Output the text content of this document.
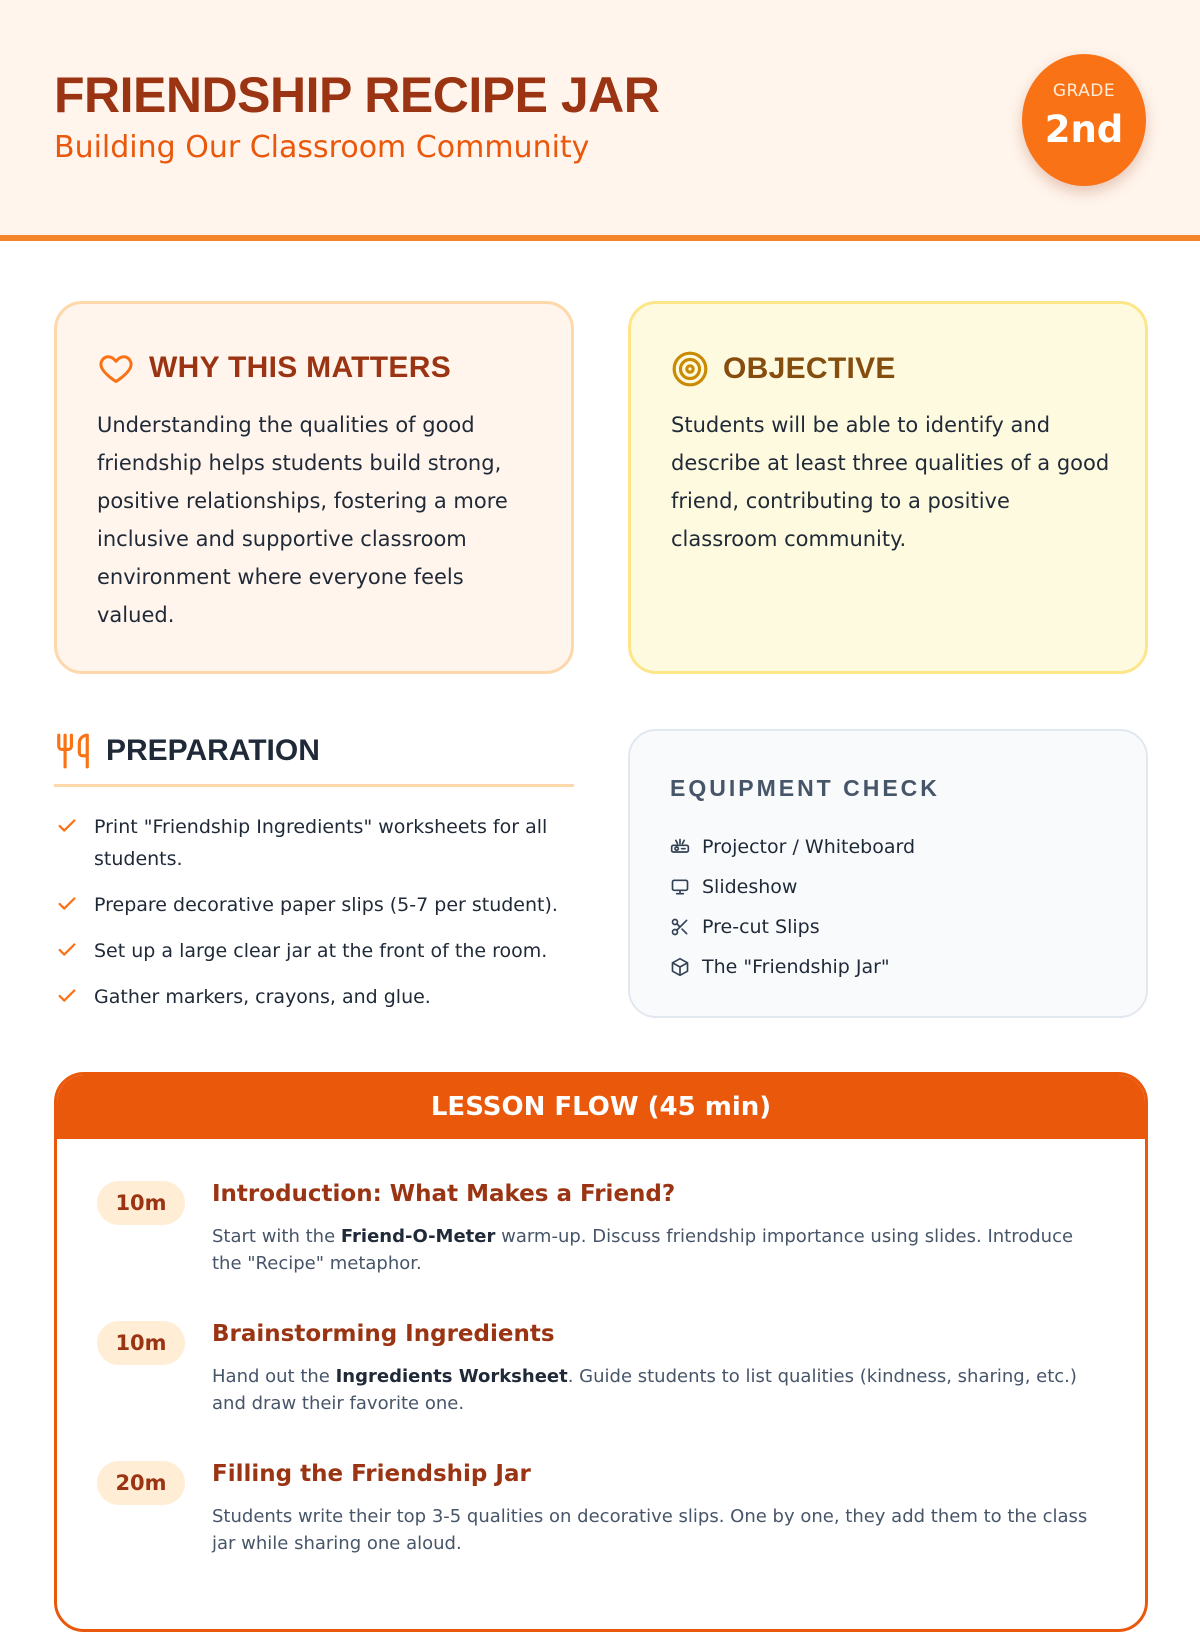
FRIENDSHIP RECIPE JAR
Building Our Classroom Community
GRADE
2nd
WHY THIS MATTERS

Understanding the qualities of good friendship helps students build strong, positive relationships, fostering a more inclusive and supportive classroom environment where everyone feels valued.

OBJECTIVE

Students will be able to identify and describe at least three qualities of a good friend, contributing to a positive classroom community.

PREPARATION
Print "Friendship Ingredients" worksheets for all students.
Prepare decorative paper slips (5-7 per student).
Set up a large clear jar at the front of the room.
Gather markers, crayons, and glue.
EQUIPMENT CHECK
Projector / Whiteboard
Slideshow
Pre-cut Slips
The "Friendship Jar"
LESSON FLOW (45 min)
10m	Introduction: What Makes a Friend?

Start with the Friend-O-Meter warm-up. Discuss friendship importance using slides. Introduce the "Recipe" metaphor.

10m	Brainstorming Ingredients

Hand out the Ingredients Worksheet. Guide students to list qualities (kindness, sharing, etc.) and draw their favorite one.

20m	Filling the Friendship Jar

Students write their top 3-5 qualities on decorative slips. One by one, they add them to the class jar while sharing one aloud.
